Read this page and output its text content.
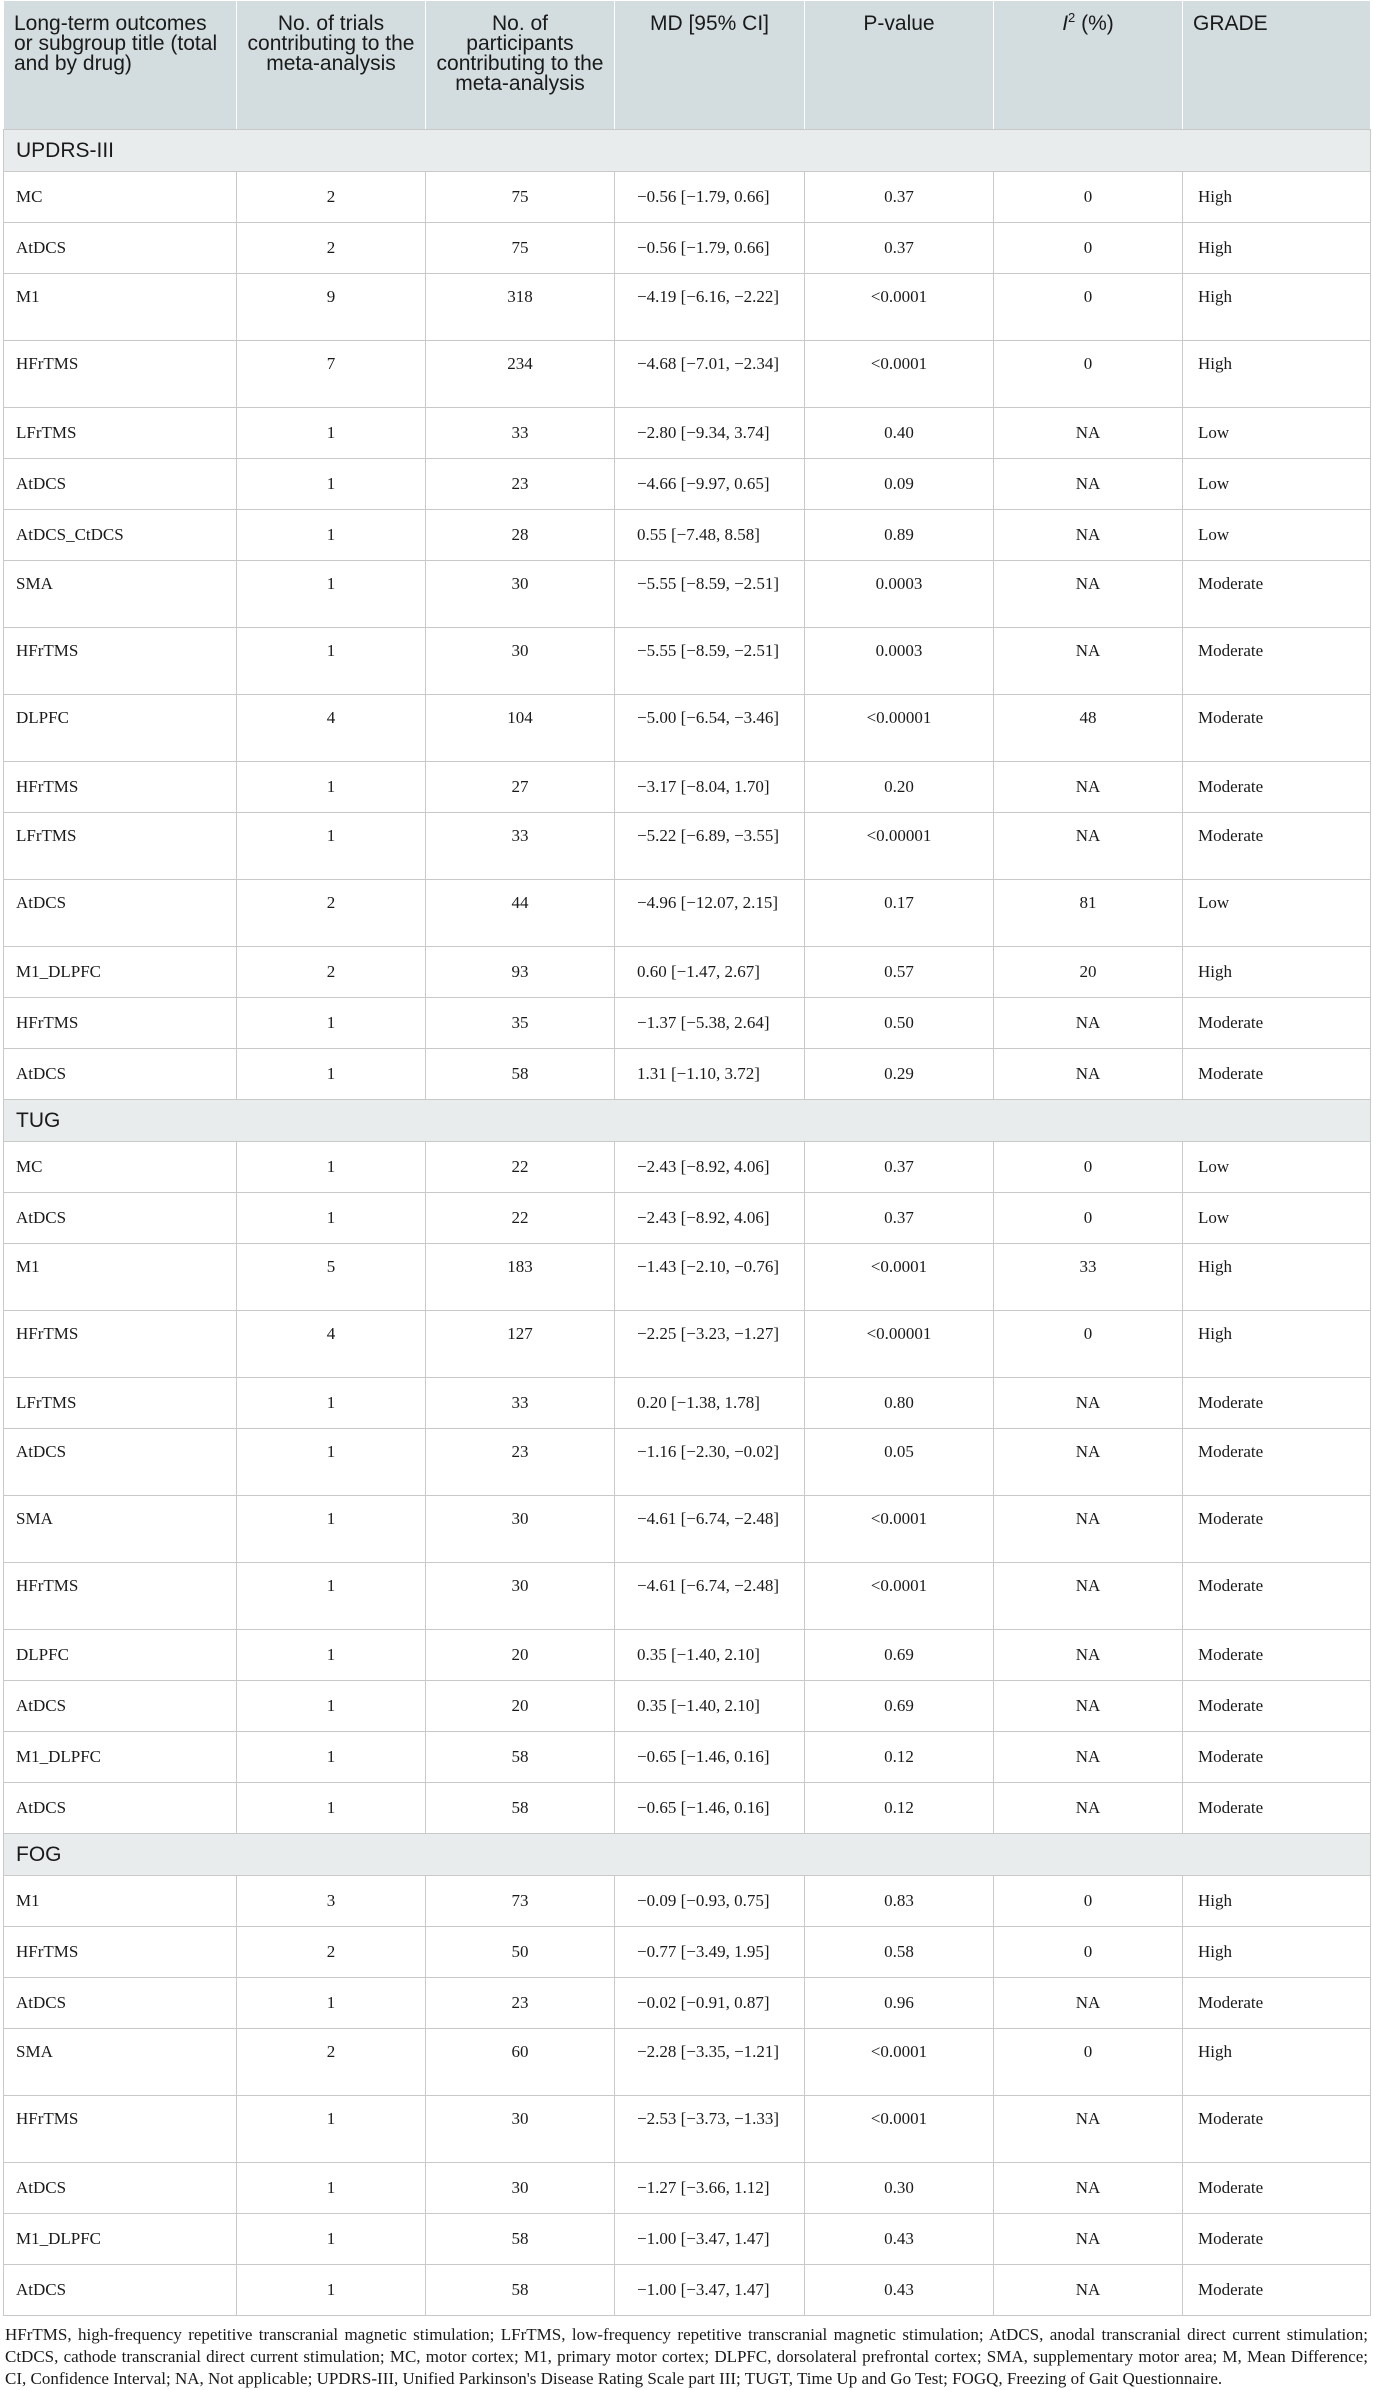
Long-term outcomes or subgroup title (total and by drug)	No. of trials contributing to the meta-analysis	No. of participants contributing to the meta-analysis	MD [95% CI]	P-value	$I^2$ (%)	GRADE
UPDRS-III						
MC	2	75	−0.56 [−1.79, 0.66]	0.37	0	High
AtDCS	2	75	−0.56 [−1.79, 0.66]	0.37	0	High
M1	9	318	−4.19 [−6.16, −2.22]	<0.0001	0	High
HFrTMS	7	234	−4.68 [−7.01, −2.34]	<0.0001	0	High
LFrTMS	1	33	−2.80 [−9.34, 3.74]	0.40	NA	Low
AtDCS	1	23	−4.66 [−9.97, 0.65]	0.09	NA	Low
AtDCS_CtDCS	1	28	0.55 [−7.48, 8.58]	0.89	NA	Low
SMA	1	30	−5.55 [−8.59, −2.51]	0.0003	NA	Moderate
HFrTMS	1	30	−5.55 [−8.59, −2.51]	0.0003	NA	Moderate
DLPFC	4	104	−5.00 [−6.54, −3.46]	<0.00001	48	Moderate
HFrTMS	1	27	−3.17 [−8.04, 1.70]	0.20	NA	Moderate
LFrTMS	1	33	−5.22 [−6.89, −3.55]	<0.00001	NA	Moderate
AtDCS	2	44	−4.96 [−12.07, 2.15]	0.17	81	Low
M1_DLPFC	2	93	0.60 [−1.47, 2.67]	0.57	20	High
HFrTMS	1	35	−1.37 [−5.38, 2.64]	0.50	NA	Moderate
AtDCS	1	58	1.31 [−1.10, 3.72]	0.29	NA	Moderate
TUG						
MC	1	22	−2.43 [−8.92, 4.06]	0.37	0	Low
AtDCS	1	22	−2.43 [−8.92, 4.06]	0.37	0	Low
M1	5	183	−1.43 [−2.10, −0.76]	<0.0001	33	High
HFrTMS	4	127	−2.25 [−3.23, −1.27]	<0.00001	0	High
LFrTMS	1	33	0.20 [−1.38, 1.78]	0.80	NA	Moderate
AtDCS	1	23	−1.16 [−2.30, −0.02]	0.05	NA	Moderate
SMA	1	30	−4.61 [−6.74, −2.48]	<0.0001	NA	Moderate
HFrTMS	1	30	−4.61 [−6.74, −2.48]	<0.0001	NA	Moderate
DLPFC	1	20	0.35 [−1.40, 2.10]	0.69	NA	Moderate
AtDCS	1	20	0.35 [−1.40, 2.10]	0.69	NA	Moderate
M1_DLPFC	1	58	−0.65 [−1.46, 0.16]	0.12	NA	Moderate
AtDCS	1	58	−0.65 [−1.46, 0.16]	0.12	NA	Moderate
FOG						
M1	3	73	−0.09 [−0.93, 0.75]	0.83	0	High
HFrTMS	2	50	−0.77 [−3.49, 1.95]	0.58	0	High
AtDCS	1	23	−0.02 [−0.91, 0.87]	0.96	NA	Moderate
SMA	2	60	−2.28 [−3.35, −1.21]	<0.0001	0	High
HFrTMS	1	30	−2.53 [−3.73, −1.33]	<0.0001	NA	Moderate
AtDCS	1	30	−1.27 [−3.66, 1.12]	0.30	NA	Moderate
M1_DLPFC	1	58	−1.00 [−3.47, 1.47]	0.43	NA	Moderate
AtDCS	1	58	−1.00 [−3.47, 1.47]	0.43	NA	Moderate

HFrTMS, high-frequency repetitive transcranial magnetic stimulation; LFrTMS, low-frequency repetitive transcranial magnetic stimulation; AtDCS, anodal transcranial direct current stimulation; CtDCS, cathode transcranial direct current stimulation; MC, motor cortex; M1, primary motor cortex; DLPFC, dorsolateral prefrontal cortex; SMA, supplementary motor area; M, Mean Difference; CI, Confidence Interval; NA, Not applicable; UPDRS-III, Unified Parkinson's Disease Rating Scale part III; TUGT, Time Up and Go Test; FOGQ, Freezing of Gait Questionnaire.
